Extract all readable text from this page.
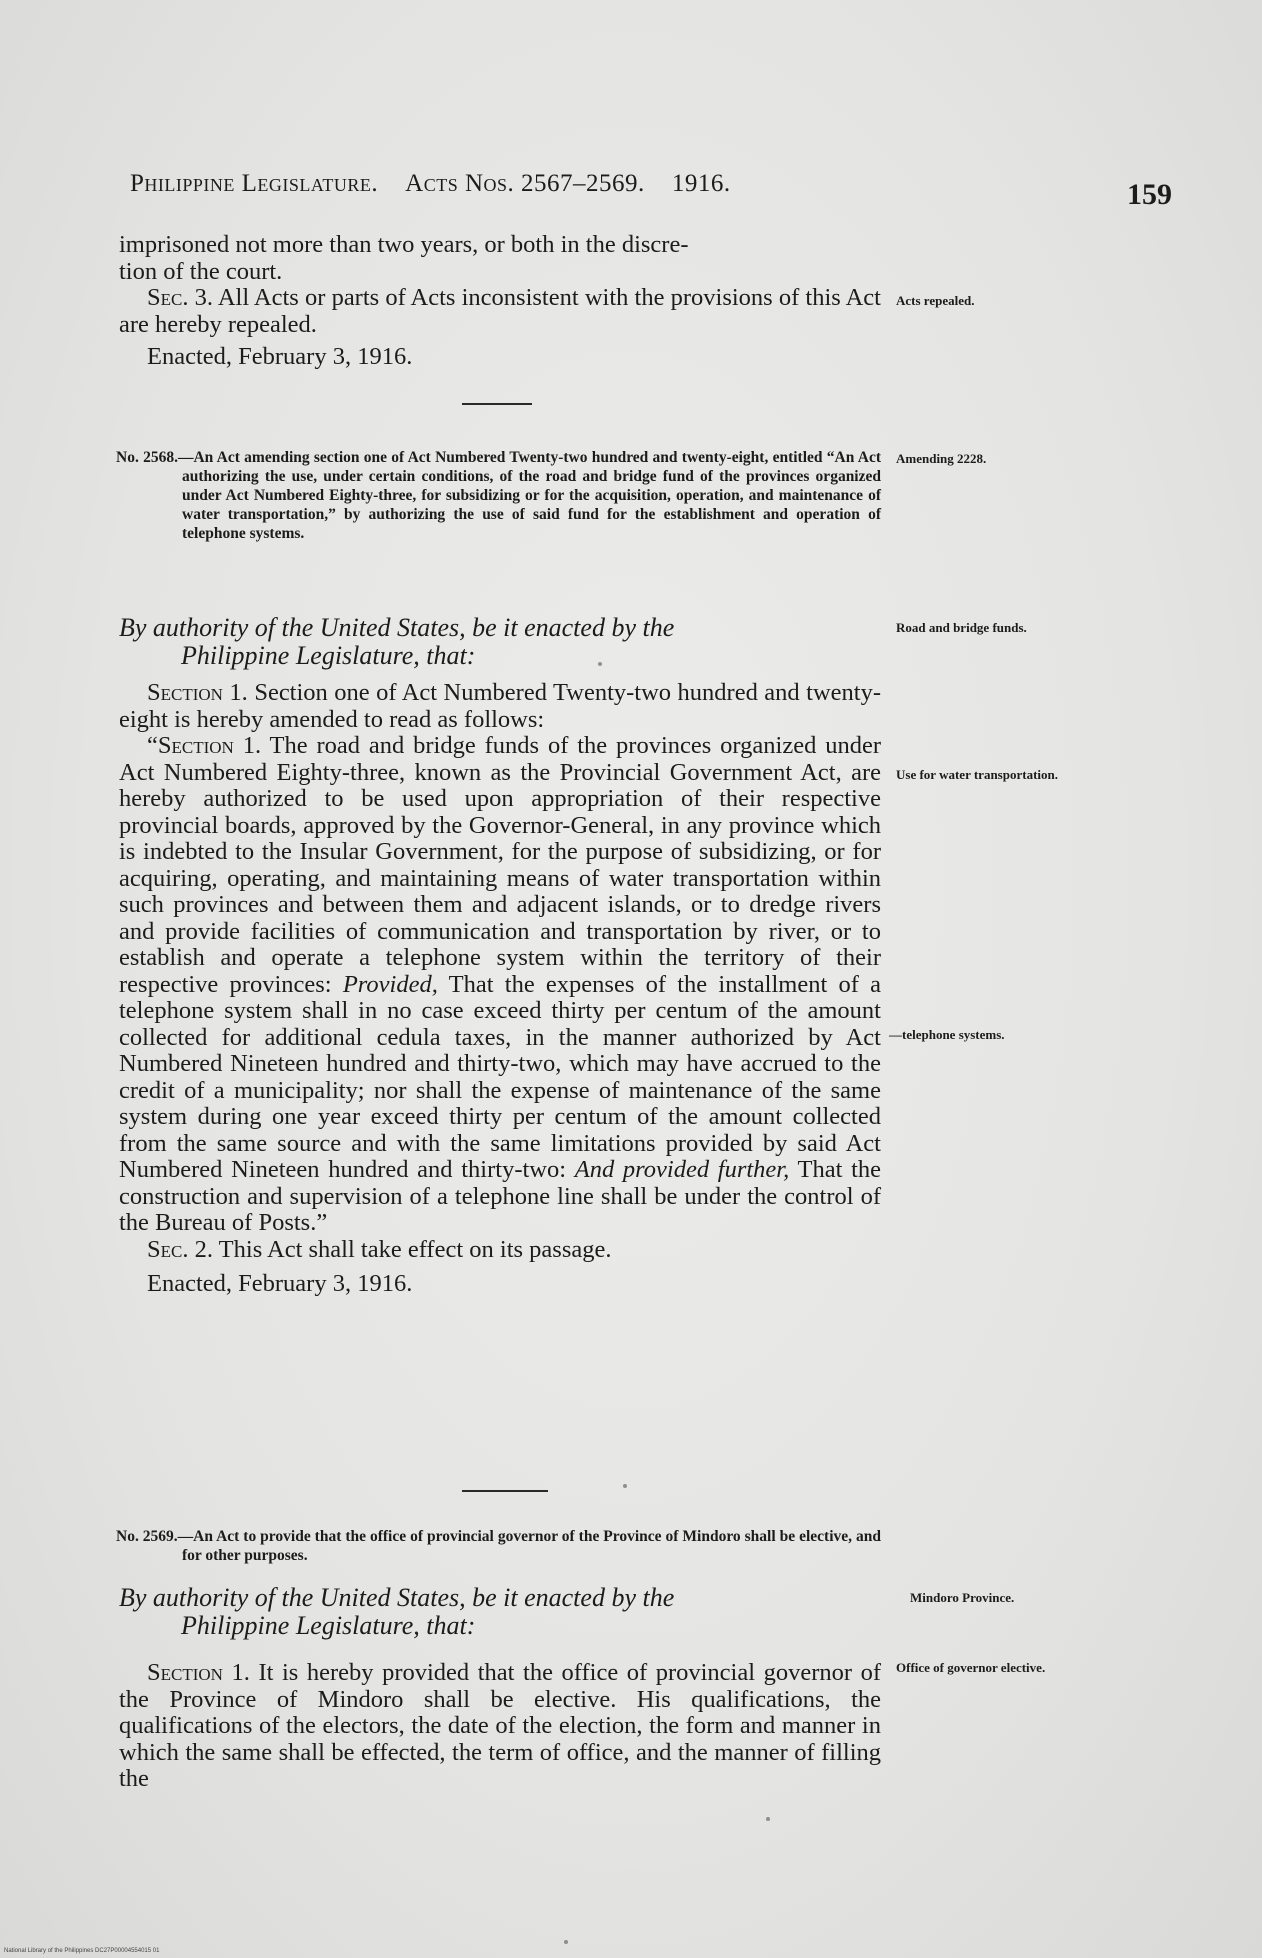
Philippine Legislature. Acts Nos. 2567–2569. 1916.	159

imprisoned not more than two years, or both in the discre-

tion of the court.

Sec. 3. All Acts or parts of Acts inconsistent with the provisions of this Act are hereby repealed.

Enacted, February 3, 1916.

No. 2568.—An Act amending section one of Act Numbered Twenty-two hundred and twenty-eight, entitled “An Act authorizing the use, under certain conditions, of the road and bridge fund of the provinces organized under Act Numbered Eighty-three, for subsidizing or for the acquisition, operation, and maintenance of water transportation,” by authorizing the use of said fund for the establishment and operation of telephone systems.

By authority of the United States, be it enacted by the
Philippine Legislature, that:

Section 1. Section one of Act Numbered Twenty-two hundred and twenty-eight is hereby amended to read as follows:

“Section 1. The road and bridge funds of the provinces organized under Act Numbered Eighty-three, known as the Provincial Government Act, are hereby authorized to be used upon appropriation of their respective provincial boards, approved by the Governor-General, in any province which is indebted to the Insular Government, for the purpose of subsidizing, or for acquiring, operating, and maintaining means of water transportation within such provinces and between them and adjacent islands, or to dredge rivers and provide facilities of communication and transportation by river, or to establish and operate a telephone system within the territory of their respective provinces: Provided, That the expenses of the installment of a telephone system shall in no case exceed thirty per centum of the amount collected for additional cedula taxes, in the manner authorized by Act Numbered Nineteen hundred and thirty-two, which may have accrued to the credit of a municipality; nor shall the expense of maintenance of the same system during one year exceed thirty per centum of the amount collected from the same source and with the same limitations provided by said Act Numbered Nineteen hundred and thirty-two: And provided further, That the construction and supervision of a telephone line shall be under the control of the Bureau of Posts.”

Sec. 2. This Act shall take effect on its passage.

Enacted, February 3, 1916.

No. 2569.—An Act to provide that the office of provincial governor of the Province of Mindoro shall be elective, and for other purposes.

By authority of the United States, be it enacted by the
Philippine Legislature, that:

Section 1. It is hereby provided that the office of provincial governor of the Province of Mindoro shall be elective. His qualifications, the qualifications of the electors, the date of the election, the form and manner in which the same shall be effected, the term of office, and the manner of filling the

Acts repealed.
Amending 2228.
Road and bridge funds.
Use for water transportation.
—telephone systems.
Mindoro Province.
Office of governor elective.
National Library of the Philippines DC27P00004554015 01
